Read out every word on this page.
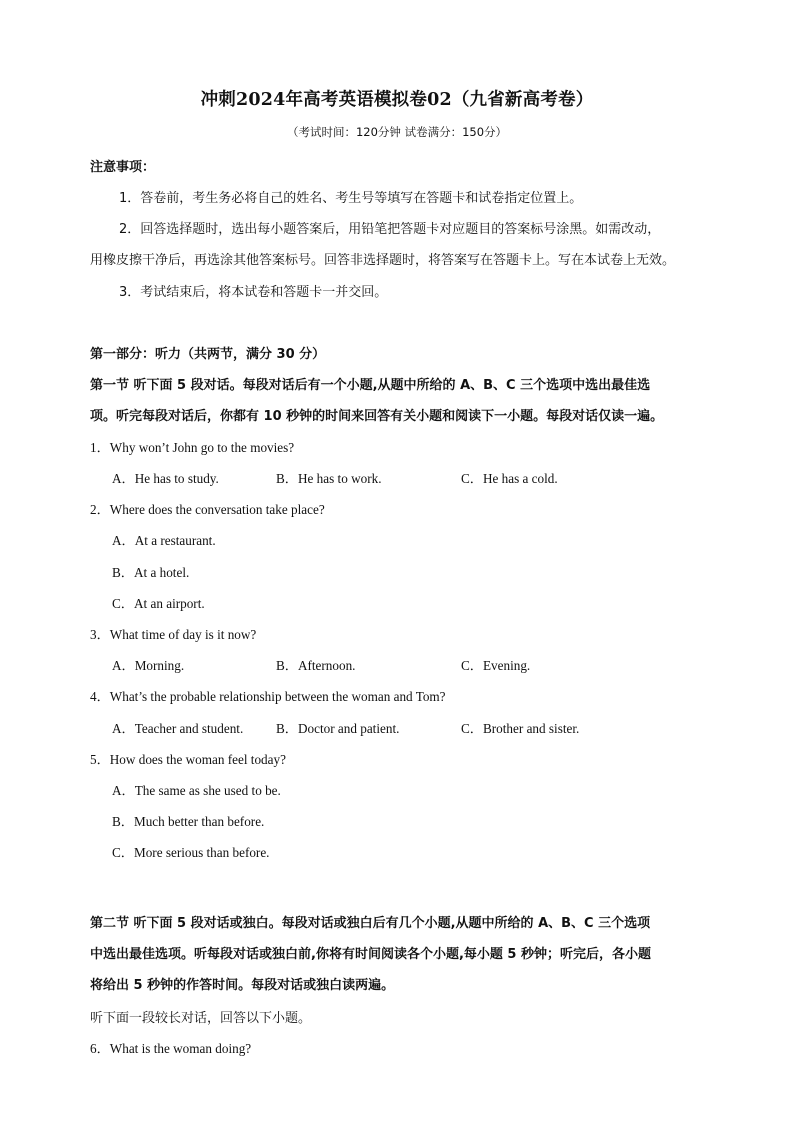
冲刺2024年高考英语模拟卷02（九省新高考卷）
（考试时间：120分钟 试卷满分：150分）
注意事项：
1．答卷前，考生务必将自己的姓名、考生号等填写在答题卡和试卷指定位置上。
2．回答选择题时，选出每小题答案后，用铅笔把答题卡对应题目的答案标号涂黑。如需改动，
用橡皮擦干净后，再选涂其他答案标号。回答非选择题时，将答案写在答题卡上。写在本试卷上无效。
3．考试结束后，将本试卷和答题卡一并交回。
第一部分：听力（共两节，满分 30 分）
第一节 听下面 5 段对话。每段对话后有一个小题,从题中所给的 A、B、C 三个选项中选出最佳选
项。听完每段对话后，你都有 10 秒钟的时间来回答有关小题和阅读下一小题。每段对话仅读一遍。
1．Why won’t John go to the movies?
A．He has to study.	B．He has to work.	C．He has a cold.
2．Where does the conversation take place?
A．At a restaurant.
B．At a hotel.
C．At an airport.
3．What time of day is it now?
A．Morning.	B．Afternoon.	C．Evening.
4．What’s the probable relationship between the woman and Tom?
A．Teacher and student. B．Doctor and patient.	C．Brother and sister.
5．How does the woman feel today?
A．The same as she used to be.
B．Much better than before.
C．More serious than before.
第二节 听下面 5 段对话或独白。每段对话或独白后有几个小题,从题中所给的 A、B、C 三个选项
中选出最佳选项。听每段对话或独白前,你将有时间阅读各个小题,每小题 5 秒钟；听完后，各小题
将给出 5 秒钟的作答时间。每段对话或独白读两遍。
听下面一段较长对话，回答以下小题。
6．What is the woman doing?
